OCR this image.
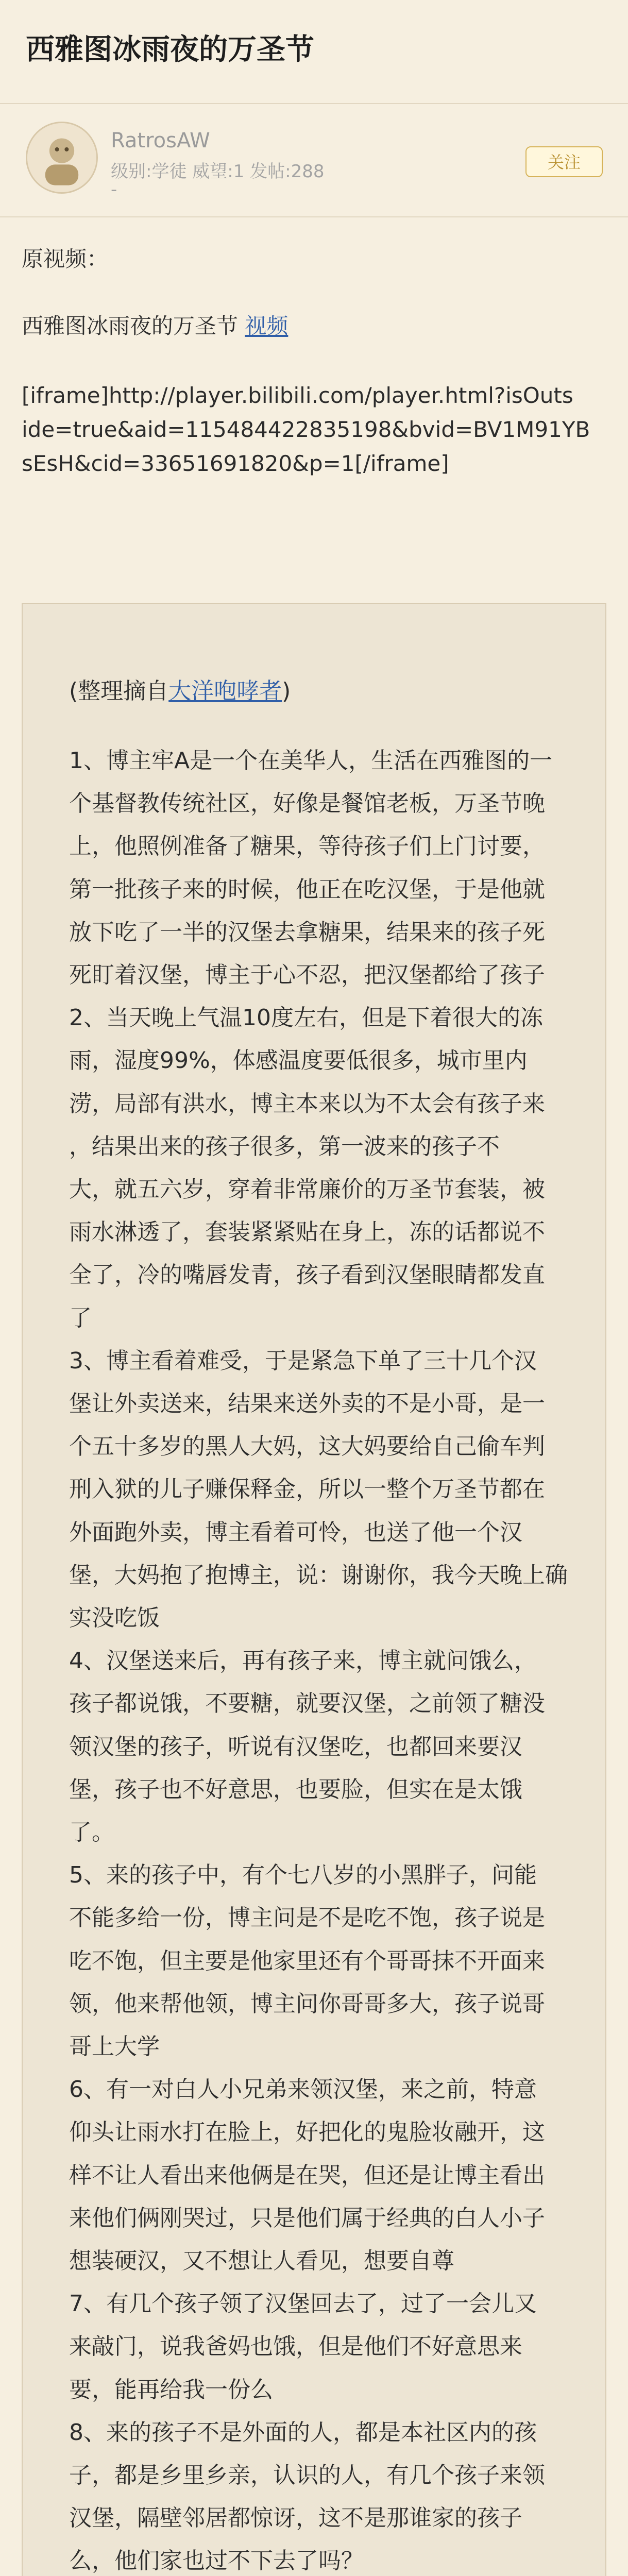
西雅图冰雨夜的万圣节
RatrosAW
级别:学徒 威望:1 发帖:288
-
关注

原视频：

西雅图冰雨夜的万圣节 视频

[iframe]http://player.bilibili.com/player.html?isOuts

ide=true&aid=115484422835198&bvid=BV1M91YB

sEsH&cid=33651691820&p=1[/iframe]

(整理摘自大洋咆哮者)
1、博主牢A是一个在美华人，生活在西雅图的一
个基督教传统社区，好像是餐馆老板，万圣节晚
上，他照例准备了糖果，等待孩子们上门讨要，
第一批孩子来的时候，他正在吃汉堡，于是他就
放下吃了一半的汉堡去拿糖果，结果来的孩子死
死盯着汉堡，博主于心不忍，把汉堡都给了孩子
2、当天晚上气温10度左右，但是下着很大的冻
雨，湿度99%，体感温度要低很多，城市里内
涝，局部有洪水，博主本来以为不太会有孩子来
，结果出来的孩子很多，第一波来的孩子不
大，就五六岁，穿着非常廉价的万圣节套装，被
雨水淋透了，套装紧紧贴在身上，冻的话都说不
全了，冷的嘴唇发青，孩子看到汉堡眼睛都发直
了
3、博主看着难受，于是紧急下单了三十几个汉
堡让外卖送来，结果来送外卖的不是小哥，是一
个五十多岁的黑人大妈，这大妈要给自己偷车判
刑入狱的儿子赚保释金，所以一整个万圣节都在
外面跑外卖，博主看着可怜，也送了他一个汉
堡，大妈抱了抱博主，说：谢谢你，我今天晚上确
实没吃饭
4、汉堡送来后，再有孩子来，博主就问饿么，
孩子都说饿，不要糖，就要汉堡，之前领了糖没
领汉堡的孩子，听说有汉堡吃，也都回来要汉
堡，孩子也不好意思，也要脸，但实在是太饿
了。
5、来的孩子中，有个七八岁的小黑胖子，问能
不能多给一份，博主问是不是吃不饱，孩子说是
吃不饱，但主要是他家里还有个哥哥抹不开面来
领，他来帮他领，博主问你哥哥多大，孩子说哥
哥上大学
6、有一对白人小兄弟来领汉堡，来之前，特意
仰头让雨水打在脸上，好把化的鬼脸妆融开，这
样不让人看出来他俩是在哭，但还是让博主看出
来他们俩刚哭过，只是他们属于经典的白人小子
想装硬汉，又不想让人看见，想要自尊
7、有几个孩子领了汉堡回去了，过了一会儿又
来敲门，说我爸妈也饿，但是他们不好意思来
要，能再给我一份么
8、来的孩子不是外面的人，都是本社区内的孩
子，都是乡里乡亲，认识的人，有几个孩子来领
汉堡，隔壁邻居都惊讶，这不是那谁家的孩子
么，他们家也过不下去了吗？
